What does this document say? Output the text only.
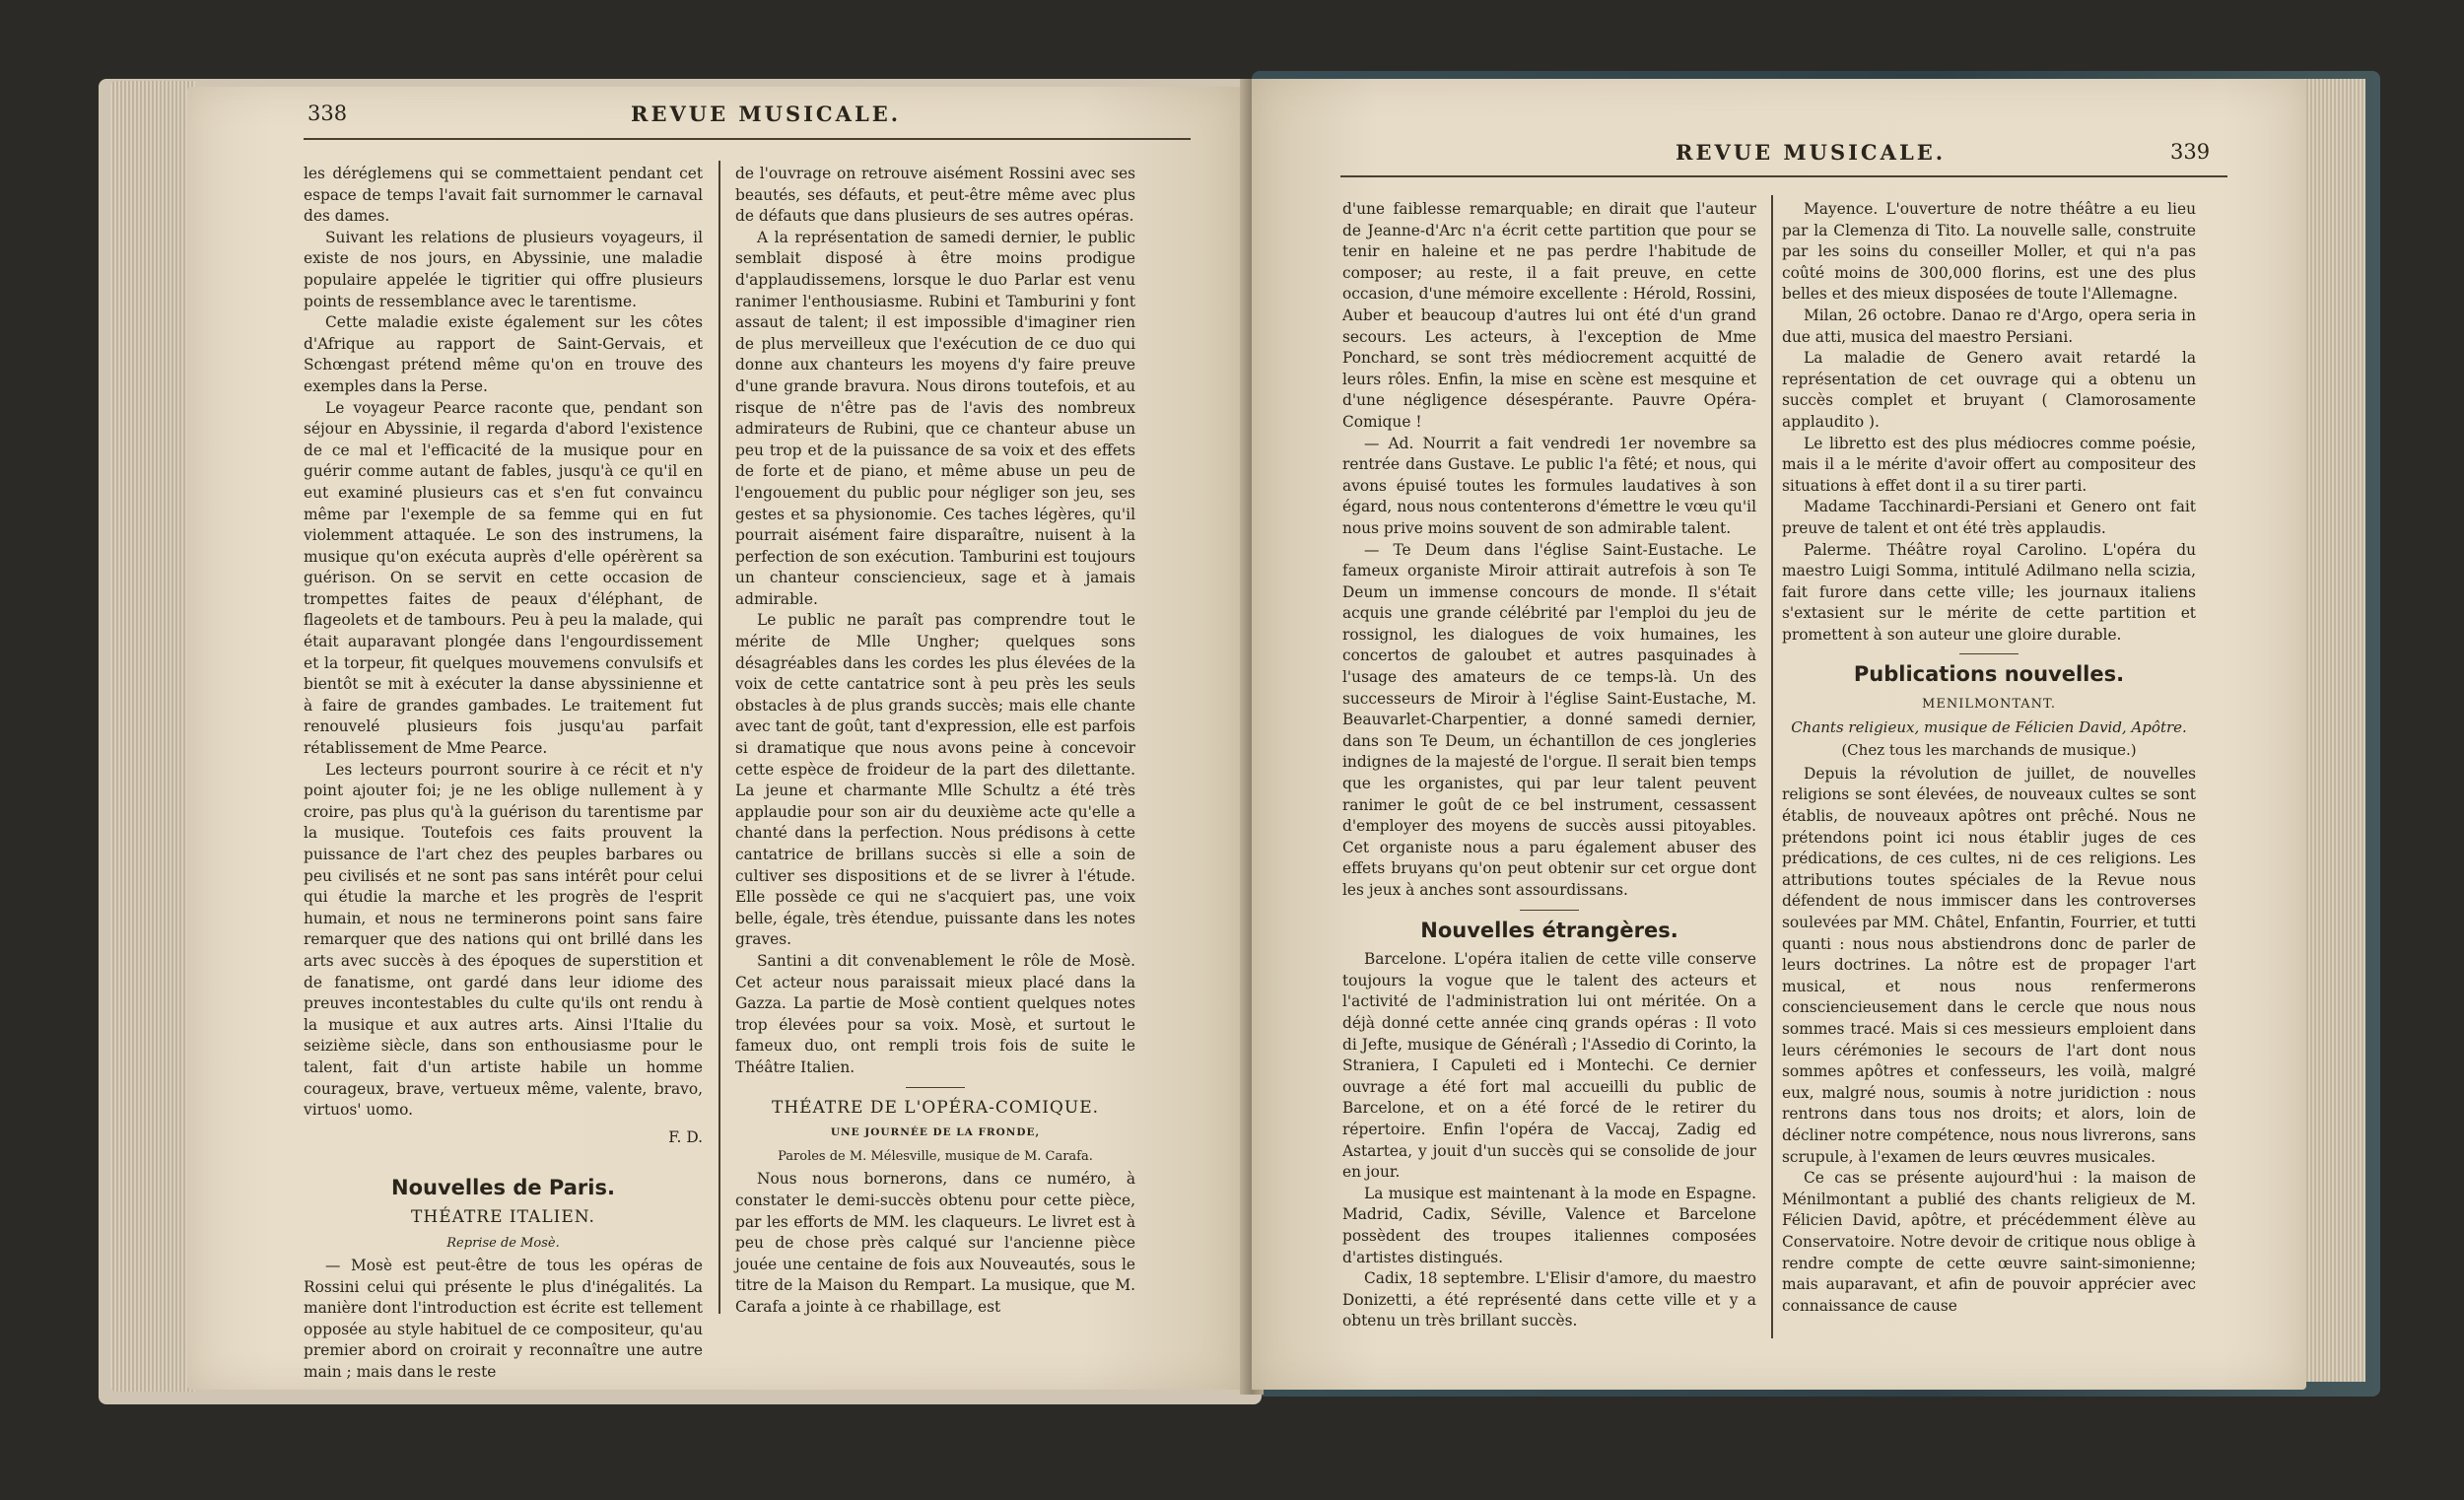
338	REVUE MUSICALE.

les déréglemens qui se commettaient pendant cet espace de temps l'avait fait surnommer le carnaval des dames.

Suivant les relations de plusieurs voyageurs, il existe de nos jours, en Abyssinie, une maladie populaire appelée le tigritier qui offre plusieurs points de ressemblance avec le tarentisme.

Cette maladie existe également sur les côtes d'Afrique au rapport de Saint-Gervais, et Schœngast prétend même qu'on en trouve des exemples dans la Perse.

Le voyageur Pearce raconte que, pendant son séjour en Abyssinie, il regarda d'abord l'existence de ce mal et l'efficacité de la musique pour en guérir comme autant de fables, jusqu'à ce qu'il en eut examiné plusieurs cas et s'en fut convaincu même par l'exemple de sa femme qui en fut violemment attaquée. Le son des instrumens, la musique qu'on exécuta auprès d'elle opérèrent sa guérison. On se servit en cette occasion de trompettes faites de peaux d'éléphant, de flageolets et de tambours. Peu à peu la malade, qui était auparavant plongée dans l'engourdissement et la torpeur, fit quelques mouvemens convulsifs et bientôt se mit à exécuter la danse abyssinienne et à faire de grandes gambades. Le traitement fut renouvelé plusieurs fois jusqu'au parfait rétablissement de Mme Pearce.

Les lecteurs pourront sourire à ce récit et n'y point ajouter foi; je ne les oblige nullement à y croire, pas plus qu'à la guérison du tarentisme par la musique. Toutefois ces faits prouvent la puissance de l'art chez des peuples barbares ou peu civilisés et ne sont pas sans intérêt pour celui qui étudie la marche et les progrès de l'esprit humain, et nous ne terminerons point sans faire remarquer que des nations qui ont brillé dans les arts avec succès à des époques de superstition et de fanatisme, ont gardé dans leur idiome des preuves incontestables du culte qu'ils ont rendu à la musique et aux autres arts. Ainsi l'Italie du seizième siècle, dans son enthousiasme pour le talent, fait d'un artiste habile un homme courageux, brave, vertueux même, valente, bravo, virtuos' uomo.

F. D.

Nouvelles de Paris.
THÉATRE ITALIEN.

Reprise de Mosè.

— Mosè est peut-être de tous les opéras de Rossini celui qui présente le plus d'inégalités. La manière dont l'introduction est écrite est tellement opposée au style habituel de ce compositeur, qu'au premier abord on croirait y reconnaître une autre main ; mais dans le reste

de l'ouvrage on retrouve aisément Rossini avec ses beautés, ses défauts, et peut-être même avec plus de défauts que dans plusieurs de ses autres opéras.

A la représentation de samedi dernier, le public semblait disposé à être moins prodigue d'applaudissemens, lorsque le duo Parlar est venu ranimer l'enthousiasme. Rubini et Tamburini y font assaut de talent; il est impossible d'imaginer rien de plus merveilleux que l'exécution de ce duo qui donne aux chanteurs les moyens d'y faire preuve d'une grande bravura. Nous dirons toutefois, et au risque de n'être pas de l'avis des nombreux admirateurs de Rubini, que ce chanteur abuse un peu trop et de la puissance de sa voix et des effets de forte et de piano, et même abuse un peu de l'engouement du public pour négliger son jeu, ses gestes et sa physionomie. Ces taches légères, qu'il pourrait aisément faire disparaître, nuisent à la perfection de son exécution. Tamburini est toujours un chanteur consciencieux, sage et à jamais admirable.

Le public ne paraît pas comprendre tout le mérite de Mlle Ungher; quelques sons désagréables dans les cordes les plus élevées de la voix de cette cantatrice sont à peu près les seuls obstacles à de plus grands succès; mais elle chante avec tant de goût, tant d'expression, elle est parfois si dramatique que nous avons peine à concevoir cette espèce de froideur de la part des dilettante. La jeune et charmante Mlle Schultz a été très applaudie pour son air du deuxième acte qu'elle a chanté dans la perfection. Nous prédisons à cette cantatrice de brillans succès si elle a soin de cultiver ses dispositions et de se livrer à l'étude. Elle possède ce qui ne s'acquiert pas, une voix belle, égale, très étendue, puissante dans les notes graves.

Santini a dit convenablement le rôle de Mosè. Cet acteur nous paraissait mieux placé dans la Gazza. La partie de Mosè contient quelques notes trop élevées pour sa voix. Mosè, et surtout le fameux duo, ont rempli trois fois de suite le Théâtre Italien.

THÉATRE DE L'OPÉRA-COMIQUE.

UNE JOURNÉE DE LA FRONDE,

Paroles de M. Mélesville, musique de M. Carafa.

Nous nous bornerons, dans ce numéro, à constater le demi-succès obtenu pour cette pièce, par les efforts de MM. les claqueurs. Le livret est à peu de chose près calqué sur l'ancienne pièce jouée une centaine de fois aux Nouveautés, sous le titre de la Maison du Rempart. La musique, que M. Carafa a jointe à ce rhabillage, est

REVUE MUSICALE.	339

d'une faiblesse remarquable; en dirait que l'auteur de Jeanne-d'Arc n'a écrit cette partition que pour se tenir en haleine et ne pas perdre l'habitude de composer; au reste, il a fait preuve, en cette occasion, d'une mémoire excellente : Hérold, Rossini, Auber et beaucoup d'autres lui ont été d'un grand secours. Les acteurs, à l'exception de Mme Ponchard, se sont très médiocrement acquitté de leurs rôles. Enfin, la mise en scène est mesquine et d'une négligence désespérante. Pauvre Opéra-Comique !

— Ad. Nourrit a fait vendredi 1er novembre sa rentrée dans Gustave. Le public l'a fêté; et nous, qui avons épuisé toutes les formules laudatives à son égard, nous nous contenterons d'émettre le vœu qu'il nous prive moins souvent de son admirable talent.

— Te Deum dans l'église Saint-Eustache. Le fameux organiste Miroir attirait autrefois à son Te Deum un immense concours de monde. Il s'était acquis une grande célébrité par l'emploi du jeu de rossignol, les dialogues de voix humaines, les concertos de galoubet et autres pasquinades à l'usage des amateurs de ce temps-là. Un des successeurs de Miroir à l'église Saint-Eustache, M. Beauvarlet-Charpentier, a donné samedi dernier, dans son Te Deum, un échantillon de ces jongleries indignes de la majesté de l'orgue. Il serait bien temps que les organistes, qui par leur talent peuvent ranimer le goût de ce bel instrument, cessassent d'employer des moyens de succès aussi pitoyables. Cet organiste nous a paru également abuser des effets bruyans qu'on peut obtenir sur cet orgue dont les jeux à anches sont assourdissans.

Nouvelles étrangères.

Barcelone. L'opéra italien de cette ville conserve toujours la vogue que le talent des acteurs et l'activité de l'administration lui ont méritée. On a déjà donné cette année cinq grands opéras : Il voto di Jefte, musique de Généralì ; l'Assedio di Corinto, la Straniera, I Capuleti ed i Montechi. Ce dernier ouvrage a été fort mal accueilli du public de Barcelone, et on a été forcé de le retirer du répertoire. Enfin l'opéra de Vaccaj, Zadig ed Astartea, y jouit d'un succès qui se consolide de jour en jour.

La musique est maintenant à la mode en Espagne. Madrid, Cadix, Séville, Valence et Barcelone possèdent des troupes italiennes composées d'artistes distingués.

Cadix, 18 septembre. L'Elisir d'amore, du maestro Donizetti, a été représenté dans cette ville et y a obtenu un très brillant succès.

Mayence. L'ouverture de notre théâtre a eu lieu par la Clemenza di Tito. La nouvelle salle, construite par les soins du conseiller Moller, et qui n'a pas coûté moins de 300,000 florins, est une des plus belles et des mieux disposées de toute l'Allemagne.

Milan, 26 octobre. Danao re d'Argo, opera seria in due atti, musica del maestro Persiani.

La maladie de Genero avait retardé la représentation de cet ouvrage qui a obtenu un succès complet et bruyant ( Clamorosamente applaudito ).

Le libretto est des plus médiocres comme poésie, mais il a le mérite d'avoir offert au compositeur des situations à effet dont il a su tirer parti.

Madame Tacchinardi-Persiani et Genero ont fait preuve de talent et ont été très applaudis.

Palerme. Théâtre royal Carolino. L'opéra du maestro Luigi Somma, intitulé Adilmano nella scizia, fait furore dans cette ville; les journaux italiens s'extasient sur le mérite de cette partition et promettent à son auteur une gloire durable.

Publications nouvelles.

MENILMONTANT.

Chants religieux, musique de Félicien David, Apôtre.

(Chez tous les marchands de musique.)

Depuis la révolution de juillet, de nouvelles religions se sont élevées, de nouveaux cultes se sont établis, de nouveaux apôtres ont prêché. Nous ne prétendons point ici nous établir juges de ces prédications, de ces cultes, ni de ces religions. Les attributions toutes spéciales de la Revue nous défendent de nous immiscer dans les controverses soulevées par MM. Châtel, Enfantin, Fourrier, et tutti quanti : nous nous abstiendrons donc de parler de leurs doctrines. La nôtre est de propager l'art musical, et nous nous renfermerons consciencieusement dans le cercle que nous nous sommes tracé. Mais si ces messieurs emploient dans leurs cérémonies le secours de l'art dont nous sommes apôtres et confesseurs, les voilà, malgré eux, malgré nous, soumis à notre juridiction : nous rentrons dans tous nos droits; et alors, loin de décliner notre compétence, nous nous livrerons, sans scrupule, à l'examen de leurs œuvres musicales.

Ce cas se présente aujourd'hui : la maison de Ménilmontant a publié des chants religieux de M. Félicien David, apôtre, et précédemment élève au Conservatoire. Notre devoir de critique nous oblige à rendre compte de cette œuvre saint-simonienne; mais auparavant, et afin de pouvoir apprécier avec connaissance de cause
